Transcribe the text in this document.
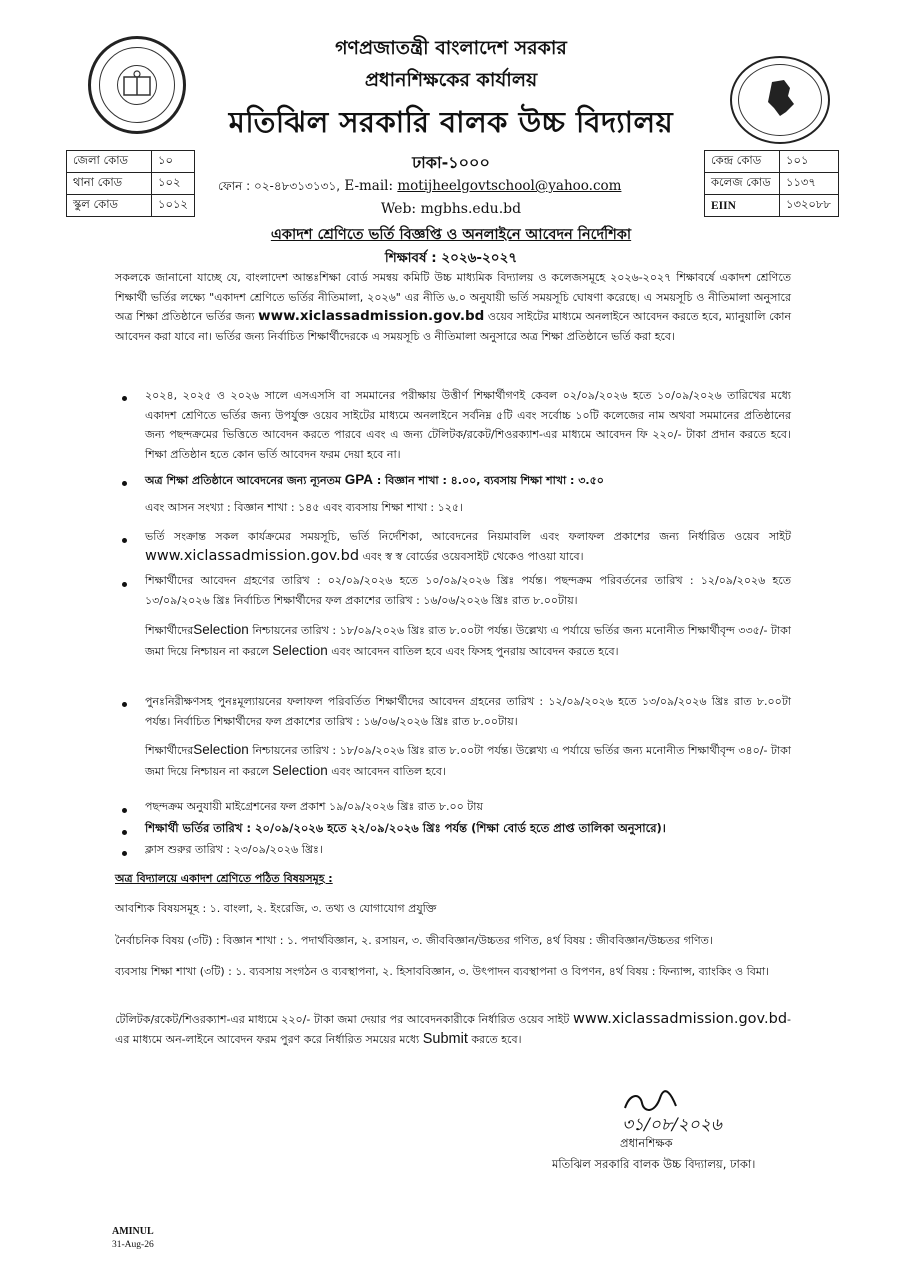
গণপ্রজাতন্ত্রী বাংলাদেশ সরকার
প্রধানশিক্ষকের কার্যালয়
মতিঝিল সরকারি বালক উচ্চ বিদ্যালয়
জেলা কোড	১০
থানা কোড	১০২
স্কুল কোড	১০১২
কেন্দ্র কোড	১০১
কলেজ কোড	১১৩৭
EIIN	১৩২০৮৮
ঢাকা-১০০০
ফোন : ০২-৪৮৩১৩১৩১, E-mail: motijheelgovtschool@yahoo.com
Web: mgbhs.edu.bd
একাদশ শ্রেণিতে ভর্তি বিজ্ঞপ্তি ও অনলাইনে আবেদন নির্দেশিকা
শিক্ষাবর্ষ : ২০২৬-২০২৭
সকলকে জানানো যাচ্ছে যে, বাংলাদেশ আন্তঃশিক্ষা বোর্ড সমন্বয় কমিটি উচ্চ মাধ্যমিক বিদ্যালয় ও কলেজসমূহে ২০২৬-২০২৭ শিক্ষাবর্ষে একাদশ শ্রেণিতে শিক্ষার্থী ভর্তির লক্ষ্যে "একাদশ শ্রেণিতে ভর্তির নীতিমালা, ২০২৬" এর নীতি ৬.০ অনুযায়ী ভর্তি সময়সূচি ঘোষণা করেছে। এ সময়সূচি ও নীতিমালা অনুসারে অত্র শিক্ষা প্রতিষ্ঠানে ভর্তির জন্য www.xiclassadmission.gov.bd ওয়েব সাইটের মাধ্যমে অনলাইনে আবেদন করতে হবে, ম্যানুয়ালি কোন আবেদন করা যাবে না। ভর্তির জন্য নির্বাচিত শিক্ষার্থীদেরকে এ সময়সূচি ও নীতিমালা অনুসারে অত্র শিক্ষা প্রতিষ্ঠানে ভর্তি করা হবে।
২০২৪, ২০২৫ ও ২০২৬ সালে এসএসসি বা সমমানের পরীক্ষায় উত্তীর্ণ শিক্ষার্থীগণই কেবল ০২/০৯/২০২৬ হতে ১০/০৯/২০২৬ তারিখের মধ্যে একাদশ শ্রেণিতে ভর্তির জন্য উপর্যুক্ত ওয়েব সাইটের মাধ্যমে অনলাইনে সর্বনিম্ন ৫টি এবং সর্বোচ্চ ১০টি কলেজের নাম অথবা সমমানের প্রতিষ্ঠানের জন্য পছন্দক্রমের ভিত্তিতে আবেদন করতে পারবে এবং এ জন্য টেলিটক/রকেট/শিওরক্যাশ-এর মাধ্যমে আবেদন ফি ২২০/- টাকা প্রদান করতে হবে। শিক্ষা প্রতিষ্ঠান হতে কোন ভর্তি আবেদন ফরম দেয়া হবে না।
অত্র শিক্ষা প্রতিষ্ঠানে আবেদনের জন্য ন্যূনতম GPA : বিজ্ঞান শাখা : ৪.০০, ব্যবসায় শিক্ষা শাখা : ৩.৫০
এবং আসন সংখ্যা : বিজ্ঞান শাখা : ১৪৫ এবং ব্যবসায় শিক্ষা শাখা : ১২৫।
ভর্তি সংক্রান্ত সকল কার্যক্রমের সময়সূচি, ভর্তি নির্দেশিকা, আবেদনের নিয়মাবলি এবং ফলাফল প্রকাশের জন্য নির্ধারিত ওয়েব সাইট www.xiclassadmission.gov.bd এবং স্ব স্ব বোর্ডের ওয়েবসাইট থেকেও পাওয়া যাবে।
শিক্ষার্থীদের আবেদন গ্রহণের তারিখ : ০২/০৯/২০২৬ হতে ১০/০৯/২০২৬ খ্রিঃ পর্যন্ত। পছন্দক্রম পরিবর্তনের তারিখ : ১২/০৯/২০২৬ হতে ১৩/০৯/২০২৬ খ্রিঃ নির্বাচিত শিক্ষার্থীদের ফল প্রকাশের তারিখ : ১৬/০৬/২০২৬ খ্রিঃ রাত ৮.০০টায়।
শিক্ষার্থীদেরSelection নিশ্চায়নের তারিখ : ১৮/০৯/২০২৬ খ্রিঃ রাত ৮.০০টা পর্যন্ত। উল্লেখ্য এ পর্যায়ে ভর্তির জন্য মনোনীত শিক্ষার্থীবৃন্দ ৩৩৫/- টাকা জমা দিয়ে নিশ্চায়ন না করলে Selection এবং আবেদন বাতিল হবে এবং ফিসহ পুনরায় আবেদন করতে হবে।
পুনঃনিরীক্ষণসহ পুনঃমূল্যায়নের ফলাফল পরিবর্তিত শিক্ষার্থীদের আবেদন গ্রহনের তারিখ : ১২/০৯/২০২৬ হতে ১৩/০৯/২০২৬ খ্রিঃ রাত ৮.০০টা পর্যন্ত। নির্বাচিত শিক্ষার্থীদের ফল প্রকাশের তারিখ : ১৬/০৬/২০২৬ খ্রিঃ রাত ৮.০০টায়।
শিক্ষার্থীদেরSelection নিশ্চায়নের তারিখ : ১৮/০৯/২০২৬ খ্রিঃ রাত ৮.০০টা পর্যন্ত। উল্লেখ্য এ পর্যায়ে ভর্তির জন্য মনোনীত শিক্ষার্থীবৃন্দ ৩৪০/- টাকা জমা দিয়ে নিশ্চায়ন না করলে Selection এবং আবেদন বাতিল হবে।
পছন্দক্রম অনুযায়ী মাইগ্রেশনের ফল প্রকাশ ১৯/০৯/২০২৬ খ্রিঃ রাত ৮.০০ টায়
শিক্ষার্থী ভর্তির তারিখ : ২০/০৯/২০২৬ হতে ২২/০৯/২০২৬ খ্রিঃ পর্যন্ত (শিক্ষা বোর্ড হতে প্রাপ্ত তালিকা অনুসারে)।
ক্লাস শুরুর তারিখ : ২৩/০৯/২০২৬ খ্রিঃ।
অত্র বিদ্যালয়ে একাদশ শ্রেণিতে পঠিত বিষয়সমূহ :
আবশ্যিক বিষয়সমূহ : ১. বাংলা, ২. ইংরেজি, ৩. তথ্য ও যোগাযোগ প্রযুক্তি
নৈর্বাচনিক বিষয় (৩টি) : বিজ্ঞান শাখা : ১. পদার্থবিজ্ঞান, ২. রসায়ন, ৩. জীববিজ্ঞান/উচ্চতর গণিত, ৪র্থ বিষয় : জীববিজ্ঞান/উচ্চতর গণিত।
ব্যবসায় শিক্ষা শাখা (৩টি) : ১. ব্যবসায় সংগঠন ও ব্যবস্থাপনা, ২. হিসাববিজ্ঞান, ৩. উৎপাদন ব্যবস্থাপনা ও বিপণন, ৪র্থ বিষয় : ফিন্যান্স, ব্যাংকিং ও বিমা।
টেলিটক/রকেট/শিওরক্যাশ-এর মাধ্যমে ২২০/- টাকা জমা দেয়ার পর আবেদনকারীকে নির্ধারিত ওয়েব সাইট www.xiclassadmission.gov.bd-এর মাধ্যমে অন-লাইনে আবেদন ফরম পুরণ করে নির্ধারিত সময়ের মধ্যে Submit করতে হবে।
৩১/০৮/২০২৬
প্রধানশিক্ষক
মতিঝিল সরকারি বালক উচ্চ বিদ্যালয়, ঢাকা।
AMINUL
31-Aug-26
